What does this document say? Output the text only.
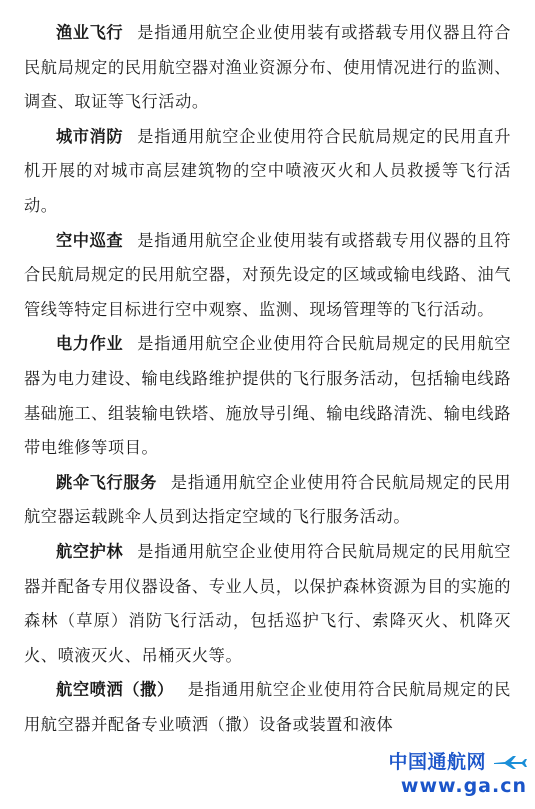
渔业飞行 是指通用航空企业使用装有或搭载专用仪器且符合民航局规定的民用航空器对渔业资源分布、使用情况进行的监测、调查、取证等飞行活动。

城市消防 是指通用航空企业使用符合民航局规定的民用直升机开展的对城市高层建筑物的空中喷液灭火和人员救援等飞行活动。

空中巡查 是指通用航空企业使用装有或搭载专用仪器的且符合民航局规定的民用航空器，对预先设定的区域或输电线路、油气管线等特定目标进行空中观察、监测、现场管理等的飞行活动。

电力作业 是指通用航空企业使用符合民航局规定的民用航空器为电力建设、输电线路维护提供的飞行服务活动，包括输电线路基础施工、组装输电铁塔、施放导引绳、输电线路清洗、输电线路带电维修等项目。

跳伞飞行服务 是指通用航空企业使用符合民航局规定的民用航空器运载跳伞人员到达指定空域的飞行服务活动。

航空护林 是指通用航空企业使用符合民航局规定的民用航空器并配备专用仪器设备、专业人员，以保护森林资源为目的实施的森林（草原）消防飞行活动，包括巡护飞行、索降灭火、机降灭火、喷液灭火、吊桶灭火等。

航空喷洒（撒） 是指通用航空企业使用符合民航局规定的民用航空器并配备专业喷洒（撒）设备或装置和液体

中国通航网
www.ga.cn
